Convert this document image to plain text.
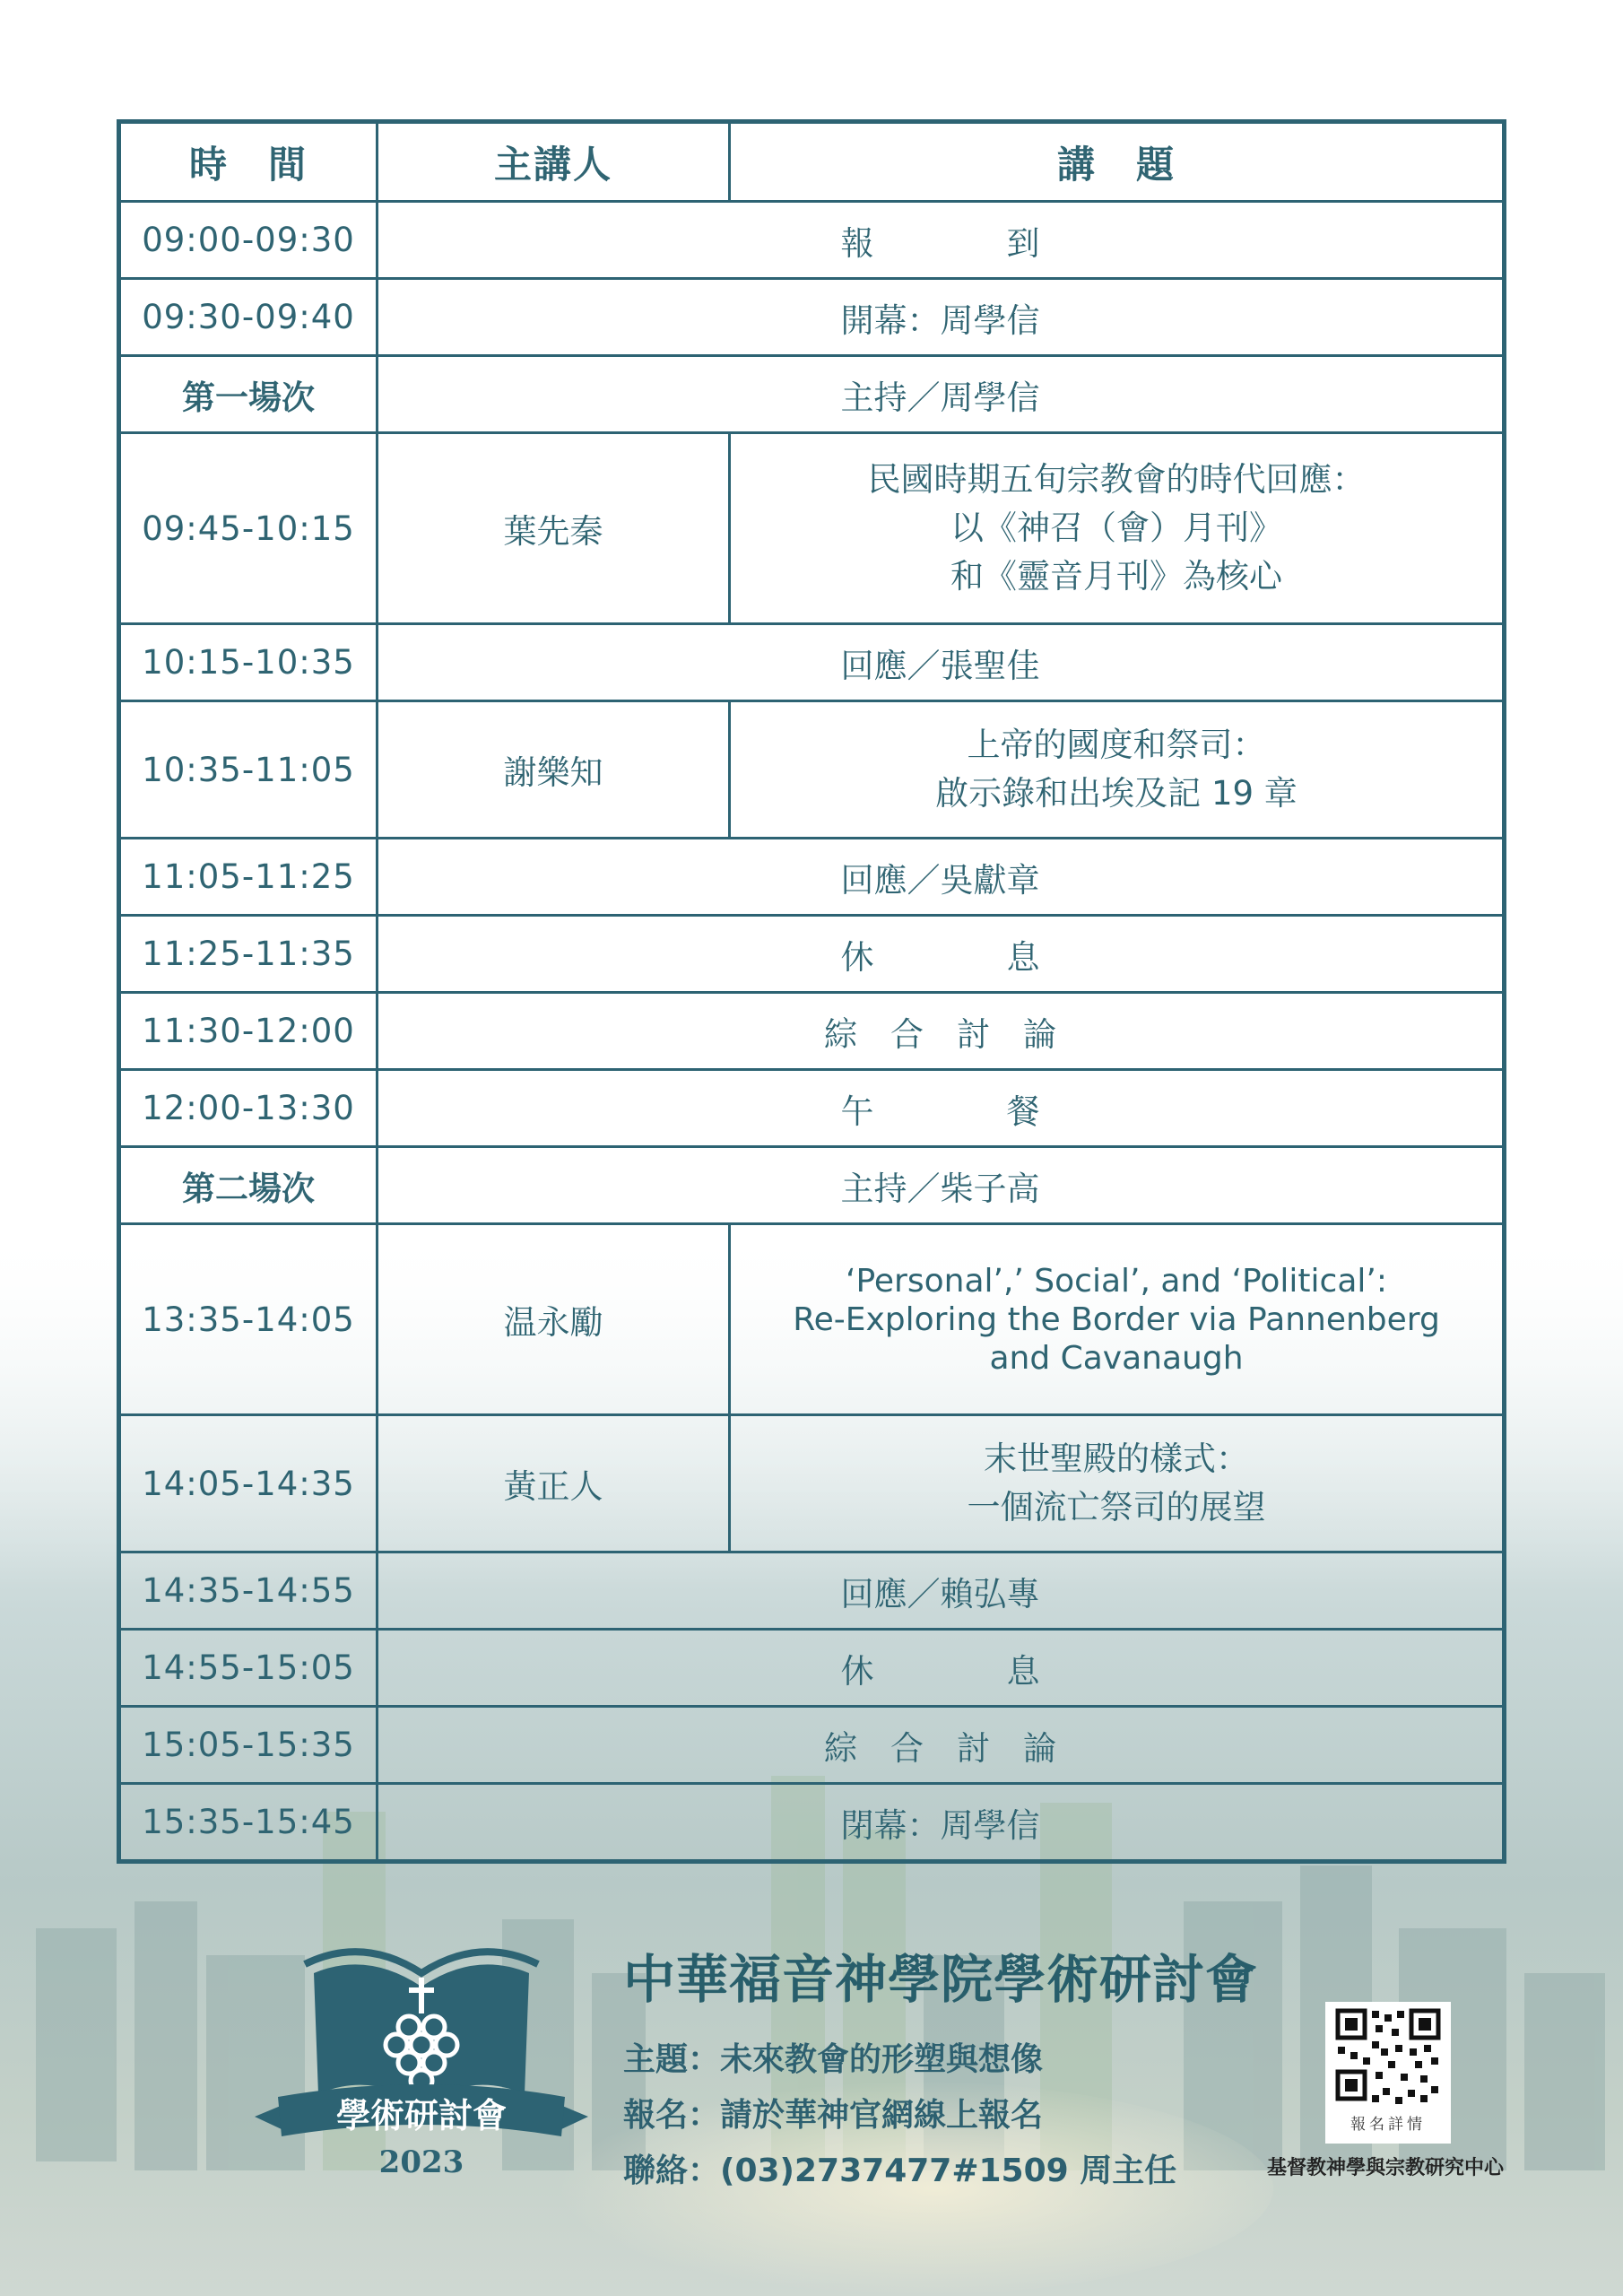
時　間	主講人	講　題
09:00-09:30	報　　　　到	
09:30-09:40	開幕：周學信	
第一場次	主持／周學信	
09:45-10:15	葉先秦	民國時期五旬宗教會的時代回應：
以《神召（會）月刊》
和《靈音月刊》為核心

10:15-10:35	回應／張聖佳	
10:35-11:05	謝樂知	上帝的國度和祭司：
啟示錄和出埃及記 19 章

11:05-11:25	回應／吳獻章	
11:25-11:35	休　　　　息	
11:30-12:00	綜　合　討　論	
12:00-13:30	午　　　　餐	
第二場次	主持／柴子高	
13:35-14:05	温永勵	‘Personal’,’ Social’, and ‘Political’:
Re-Exploring the Border via Pannenberg
and Cavanaugh

14:05-14:35	黃正人	末世聖殿的樣式：
一個流亡祭司的展望

14:35-14:55	回應／賴弘專	
14:55-15:05	休　　　　息	
15:05-15:35	綜　合　討　論	
15:35-15:45	閉幕：周學信	
學術研討會
2023
中華福音神學院學術研討會

主題：未來教會的形塑與想像

報名：請於華神官網線上報名

聯絡：(03)2737477#1509 周主任

報名詳情
基督教神學與宗教研究中心
